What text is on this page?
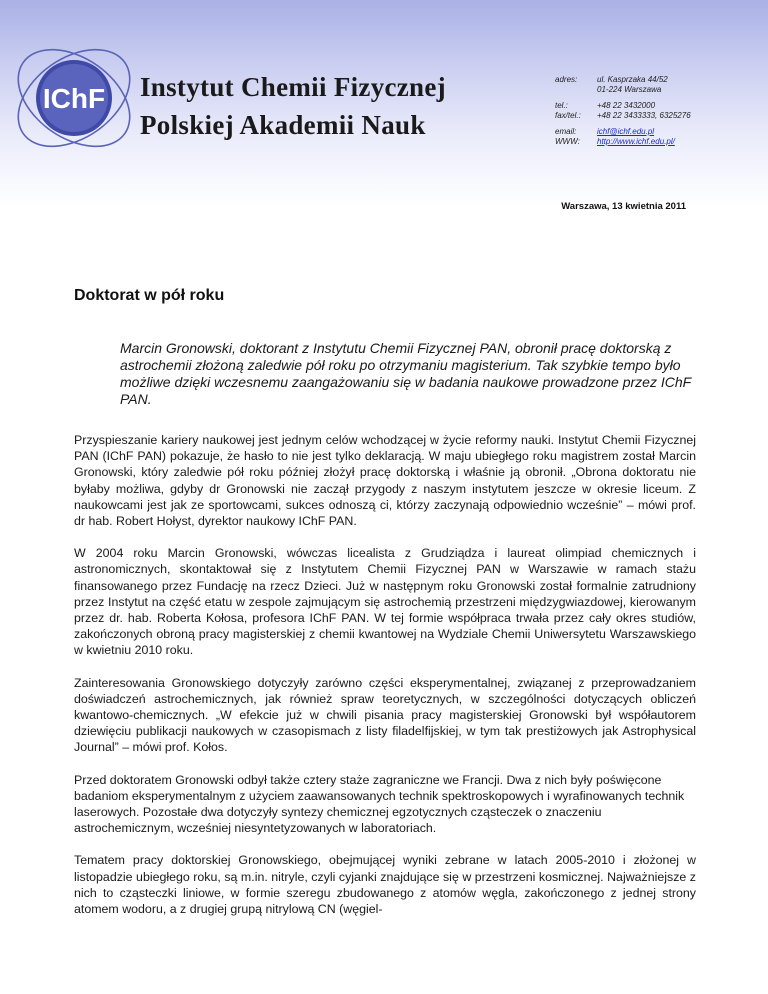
IChF Instytut Chemii Fizycznej
Polskiej Akademii Nauk
adres:	ul. Kasprzaka 44/52
01-224 Warszawa
tel.:	+48 22 3432000
fax/tel.:	+48 22 3433333, 6325276
email:	ichf@ichf.edu.pl
WWW:	http://www.ichf.edu.pl/
Warszawa, 13 kwietnia 2011
Doktorat w pół roku
Marcin Gronowski, doktorant z Instytutu Chemii Fizycznej PAN, obronił pracę doktorską z astrochemii złożoną zaledwie pół roku po otrzymaniu magisterium. Tak szybkie tempo było możliwe dzięki wczesnemu zaangażowaniu się w badania naukowe prowadzone przez IChF PAN.

Przyspieszanie kariery naukowej jest jednym celów wchodzącej w życie reformy nauki. Instytut Chemii Fizycznej PAN (IChF PAN) pokazuje, że hasło to nie jest tylko deklaracją. W maju ubiegłego roku magistrem został Marcin Gronowski, który zaledwie pół roku później złożył pracę doktorską i właśnie ją obronił. „Obrona doktoratu nie byłaby możliwa, gdyby dr Gronowski nie zaczął przygody z naszym instytutem jeszcze w okresie liceum. Z naukowcami jest jak ze sportowcami, sukces odnoszą ci, którzy zaczynają odpowiednio wcześnie” – mówi prof. dr hab. Robert Hołyst, dyrektor naukowy IChF PAN.

W 2004 roku Marcin Gronowski, wówczas licealista z Grudziądza i laureat olimpiad chemicznych i astronomicznych, skontaktował się z Instytutem Chemii Fizycznej PAN w Warszawie w ramach stażu finansowanego przez Fundację na rzecz Dzieci. Już w następnym roku Gronowski został formalnie zatrudniony przez Instytut na część etatu w zespole zajmującym się astrochemią przestrzeni międzygwiazdowej, kierowanym przez dr. hab. Roberta Kołosa, profesora IChF PAN. W tej formie współpraca trwała przez cały okres studiów, zakończonych obroną pracy magisterskiej z chemii kwantowej na Wydziale Chemii Uniwersytetu Warszawskiego w kwietniu 2010 roku.

Zainteresowania Gronowskiego dotyczyły zarówno części eksperymentalnej, związanej z przeprowadzaniem doświadczeń astrochemicznych, jak również spraw teoretycznych, w szczególności dotyczących obliczeń kwantowo-chemicznych. „W efekcie już w chwili pisania pracy magisterskiej Gronowski był współautorem dziewięciu publikacji naukowych w czasopismach z listy filadelfijskiej, w tym tak prestiżowych jak Astrophysical Journal” – mówi prof. Kołos.

Przed doktoratem Gronowski odbył także cztery staże zagraniczne we Francji. Dwa z nich były poświęcone badaniom eksperymentalnym z użyciem zaawansowanych technik spektroskopowych i wyrafinowanych technik laserowych. Pozostałe dwa dotyczyły syntezy chemicznej egzotycznych cząsteczek o znaczeniu astrochemicznym, wcześniej niesyntetyzowanych w laboratoriach.

Tematem pracy doktorskiej Gronowskiego, obejmującej wyniki zebrane w latach 2005-2010 i złożonej w listopadzie ubiegłego roku, są m.in. nitryle, czyli cyjanki znajdujące się w przestrzeni kosmicznej. Najważniejsze z nich to cząsteczki liniowe, w formie szeregu zbudowanego z atomów węgla, zakończonego z jednej strony atomem wodoru, a z drugiej grupą nitrylową CN (węgiel-
